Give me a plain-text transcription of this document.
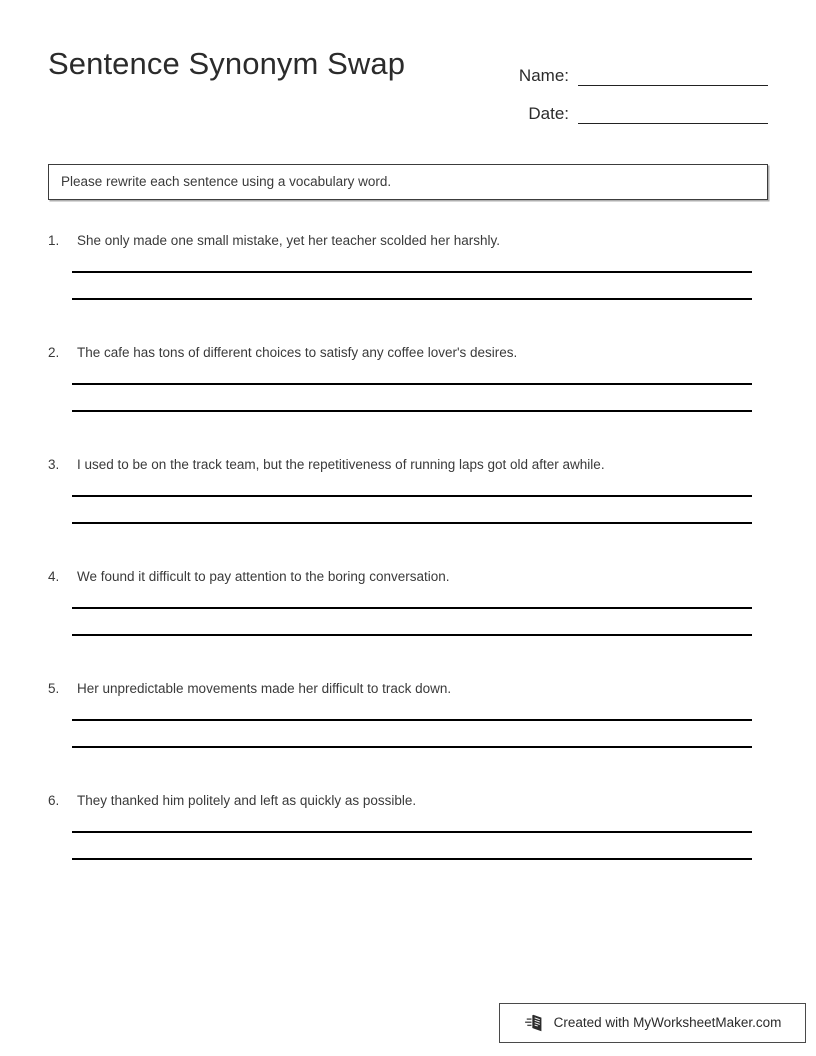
Sentence Synonym Swap	Name:
Date:
Please rewrite each sentence using a vocabulary word.
1.	She only made one small mistake, yet her teacher scolded her harshly.
2.	The cafe has tons of different choices to satisfy any coffee lover's desires.
3.	I used to be on the track team, but the repetitiveness of running laps got old after awhile.
4.	We found it difficult to pay attention to the boring conversation.
5.	Her unpredictable movements made her difficult to track down.
6.	They thanked him politely and left as quickly as possible.
Created with MyWorksheetMaker.com
